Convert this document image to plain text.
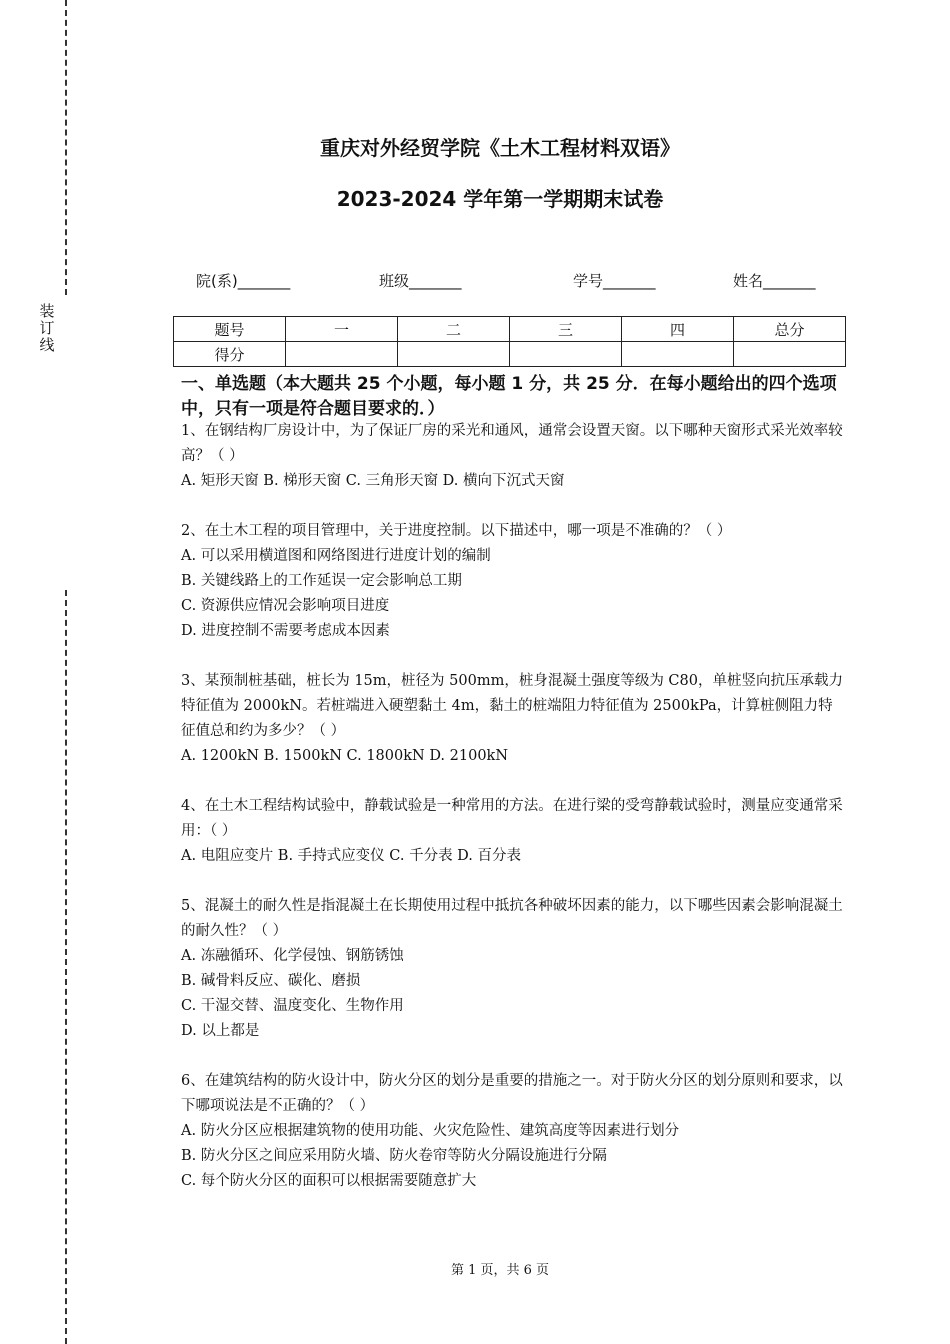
装
订
线
重庆对外经贸学院《土木工程材料双语》
2023-2024 学年第一学期期末试卷
院(系)_______	班级_______	学号_______	姓名_______
题号	一	二	三	四	总分
得分					
一、单选题（本大题共 25 个小题，每小题 1 分，共 25 分．在每小题给出的四个选项中，只有一项是符合题目要求的．）

1、在钢结构厂房设计中，为了保证厂房的采光和通风，通常会设置天窗。以下哪种天窗形式采光效率较高？（ ）

A. 矩形天窗 B. 梯形天窗 C. 三角形天窗 D. 横向下沉式天窗

2、在土木工程的项目管理中，关于进度控制。以下描述中，哪一项是不准确的？（ ）

A. 可以采用横道图和网络图进行进度计划的编制

B. 关键线路上的工作延误一定会影响总工期

C. 资源供应情况会影响项目进度

D. 进度控制不需要考虑成本因素

3、某预制桩基础，桩长为 15m，桩径为 500mm，桩身混凝土强度等级为 C80，单桩竖向抗压承载力特征值为 2000kN。若桩端进入硬塑黏土 4m，黏土的桩端阻力特征值为 2500kPa，计算桩侧阻力特征值总和约为多少？（ ）

A. 1200kN B. 1500kN C. 1800kN D. 2100kN

4、在土木工程结构试验中，静载试验是一种常用的方法。在进行梁的受弯静载试验时，测量应变通常采用：（ ）

A. 电阻应变片 B. 手持式应变仪 C. 千分表 D. 百分表

5、混凝土的耐久性是指混凝土在长期使用过程中抵抗各种破坏因素的能力，以下哪些因素会影响混凝土的耐久性？（ ）

A. 冻融循环、化学侵蚀、钢筋锈蚀

B. 碱骨料反应、碳化、磨损

C. 干湿交替、温度变化、生物作用

D. 以上都是

6、在建筑结构的防火设计中，防火分区的划分是重要的措施之一。对于防火分区的划分原则和要求，以下哪项说法是不正确的？（ ）

A. 防火分区应根据建筑物的使用功能、火灾危险性、建筑高度等因素进行划分

B. 防火分区之间应采用防火墙、防火卷帘等防火分隔设施进行分隔

C. 每个防火分区的面积可以根据需要随意扩大

第 1 页，共 6 页
